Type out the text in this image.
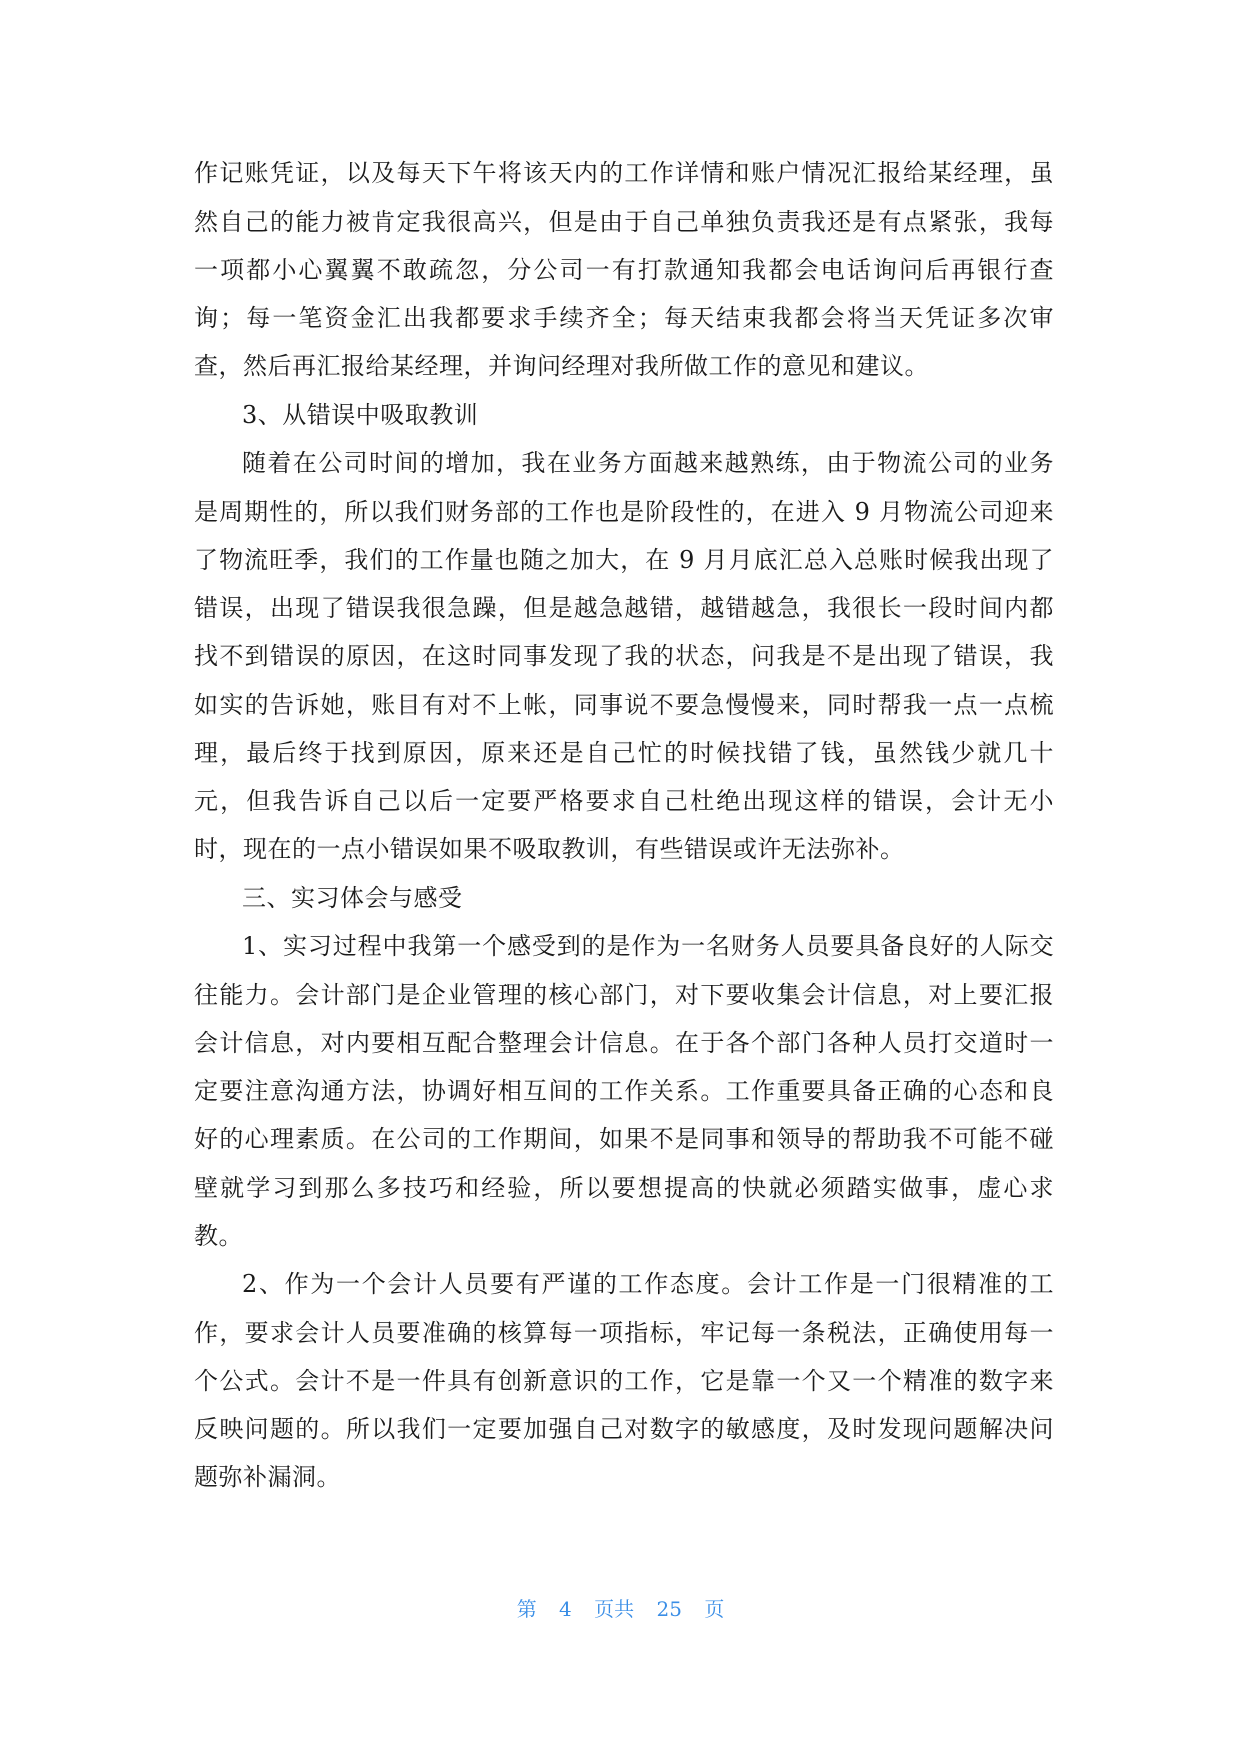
作记账凭证，以及每天下午将该天内的工作详情和账户情况汇报给某经理，虽
然自己的能力被肯定我很高兴，但是由于自己单独负责我还是有点紧张，我每
一项都小心翼翼不敢疏忽，分公司一有打款通知我都会电话询问后再银行查
询；每一笔资金汇出我都要求手续齐全；每天结束我都会将当天凭证多次审
查，然后再汇报给某经理，并询问经理对我所做工作的意见和建议。
3、从错误中吸取教训
随着在公司时间的增加，我在业务方面越来越熟练，由于物流公司的业务
是周期性的，所以我们财务部的工作也是阶段性的，在进入 9 月物流公司迎来
了物流旺季，我们的工作量也随之加大，在 9 月月底汇总入总账时候我出现了
错误，出现了错误我很急躁，但是越急越错，越错越急，我很长一段时间内都
找不到错误的原因，在这时同事发现了我的状态，问我是不是出现了错误，我
如实的告诉她，账目有对不上帐，同事说不要急慢慢来，同时帮我一点一点梳
理，最后终于找到原因，原来还是自己忙的时候找错了钱，虽然钱少就几十
元，但我告诉自己以后一定要严格要求自己杜绝出现这样的错误，会计无小
时，现在的一点小错误如果不吸取教训，有些错误或许无法弥补。
三、实习体会与感受
1、实习过程中我第一个感受到的是作为一名财务人员要具备良好的人际交
往能力。会计部门是企业管理的核心部门，对下要收集会计信息，对上要汇报
会计信息，对内要相互配合整理会计信息。在于各个部门各种人员打交道时一
定要注意沟通方法，协调好相互间的工作关系。工作重要具备正确的心态和良
好的心理素质。在公司的工作期间，如果不是同事和领导的帮助我不可能不碰
壁就学习到那么多技巧和经验，所以要想提高的快就必须踏实做事，虚心求
教。
2、作为一个会计人员要有严谨的工作态度。会计工作是一门很精准的工
作，要求会计人员要准确的核算每一项指标，牢记每一条税法，正确使用每一
个公式。会计不是一件具有创新意识的工作，它是靠一个又一个精准的数字来
反映问题的。所以我们一定要加强自己对数字的敏感度，及时发现问题解决问
题弥补漏洞。
第 4 页共 25 页
